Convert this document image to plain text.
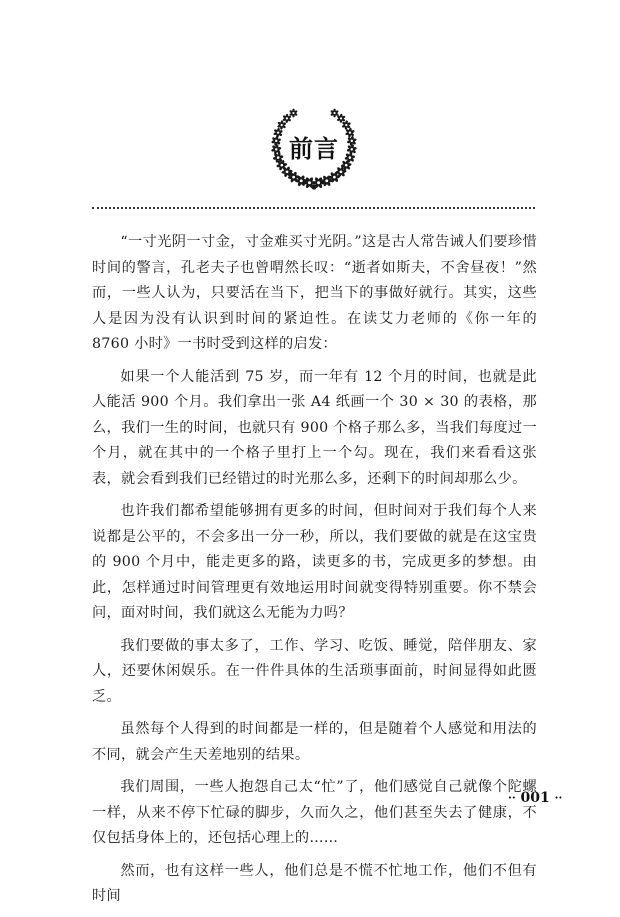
前言

“一寸光阴一寸金，寸金难买寸光阴。”这是古人常告诫人们要珍惜时间的警言，孔老夫子也曾喟然长叹：“逝者如斯夫，不舍昼夜！”然而，一些人认为，只要活在当下，把当下的事做好就行。其实，这些人是因为没有认识到时间的紧迫性。在读艾力老师的《你一年的 8760 小时》一书时受到这样的启发：

如果一个人能活到 75 岁，而一年有 12 个月的时间，也就是此人能活 900 个月。我们拿出一张 A4 纸画一个 30 × 30 的表格，那么，我们一生的时间，也就只有 900 个格子那么多，当我们每度过一个月，就在其中的一个格子里打上一个勾。现在，我们来看看这张表，就会看到我们已经错过的时光那么多，还剩下的时间却那么少。

也许我们都希望能够拥有更多的时间，但时间对于我们每个人来说都是公平的，不会多出一分一秒，所以，我们要做的就是在这宝贵的 900 个月中，能走更多的路，读更多的书，完成更多的梦想。由此，怎样通过时间管理更有效地运用时间就变得特别重要。你不禁会问，面对时间，我们就这么无能为力吗？

我们要做的事太多了，工作、学习、吃饭、睡觉，陪伴朋友、家人，还要休闲娱乐。在一件件具体的生活琐事面前，时间显得如此匮乏。

虽然每个人得到的时间都是一样的，但是随着个人感觉和用法的不同，就会产生天差地别的结果。

我们周围，一些人抱怨自己太“忙”了，他们感觉自己就像个陀螺一样，从来不停下忙碌的脚步，久而久之，他们甚至失去了健康，不仅包括身体上的，还包括心理上的……

然而，也有这样一些人，他们总是不慌不忙地工作，他们不但有时间

·· 001 ··
